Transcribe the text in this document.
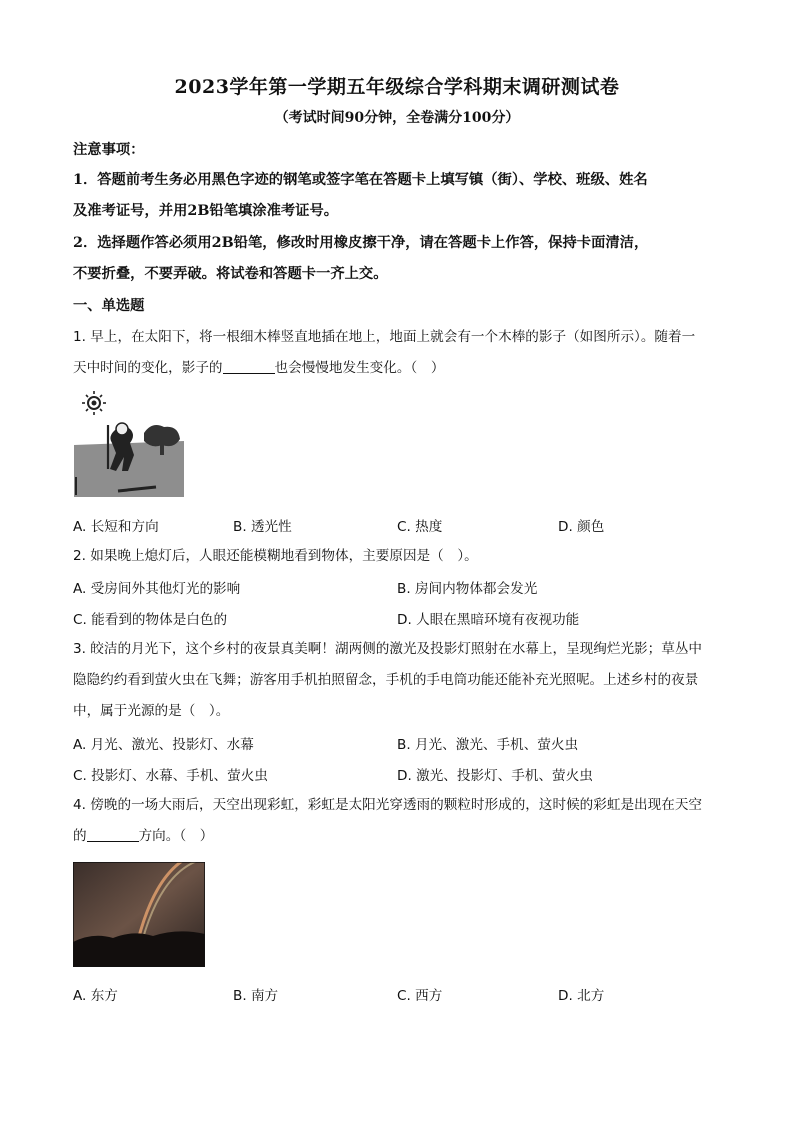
2023学年第一学期五年级综合学科期末调研测试卷
（考试时间90分钟，全卷满分100分）
注意事项：
1．答题前考生务必用黑色字迹的钢笔或签字笔在答题卡上填写镇（街）、学校、班级、姓名
及准考证号，并用2B铅笔填涂准考证号。
2．选择题作答必须用2B铅笔，修改时用橡皮擦干净，请在答题卡上作答，保持卡面清洁，
不要折叠，不要弄破。将试卷和答题卡一齐上交。
一、单选题
1. 早上，在太阳下，将一根细木棒竖直地插在地上，地面上就会有一个木棒的影子（如图所示）。随着一
天中时间的变化，影子的	也会慢慢地发生变化。（　）
A. 长短和方向	B. 透光性	C. 热度	D. 颜色
2. 如果晚上熄灯后，人眼还能模糊地看到物体，主要原因是（　）。
A. 受房间外其他灯光的影响	B. 房间内物体都会发光
C. 能看到的物体是白色的	D. 人眼在黑暗环境有夜视功能
3. 皎洁的月光下，这个乡村的夜景真美啊！湖两侧的激光及投影灯照射在水幕上，呈现绚烂光影；草丛中
隐隐约约看到萤火虫在飞舞；游客用手机拍照留念，手机的手电筒功能还能补充光照呢。上述乡村的夜景
中，属于光源的是（　）。
A. 月光、激光、投影灯、水幕	B. 月光、激光、手机、萤火虫
C. 投影灯、水幕、手机、萤火虫	D. 激光、投影灯、手机、萤火虫
4. 傍晚的一场大雨后，天空出现彩虹，彩虹是太阳光穿透雨的颗粒时形成的，这时候的彩虹是出现在天空
的	方向。（　）
A. 东方	B. 南方	C. 西方	D. 北方
